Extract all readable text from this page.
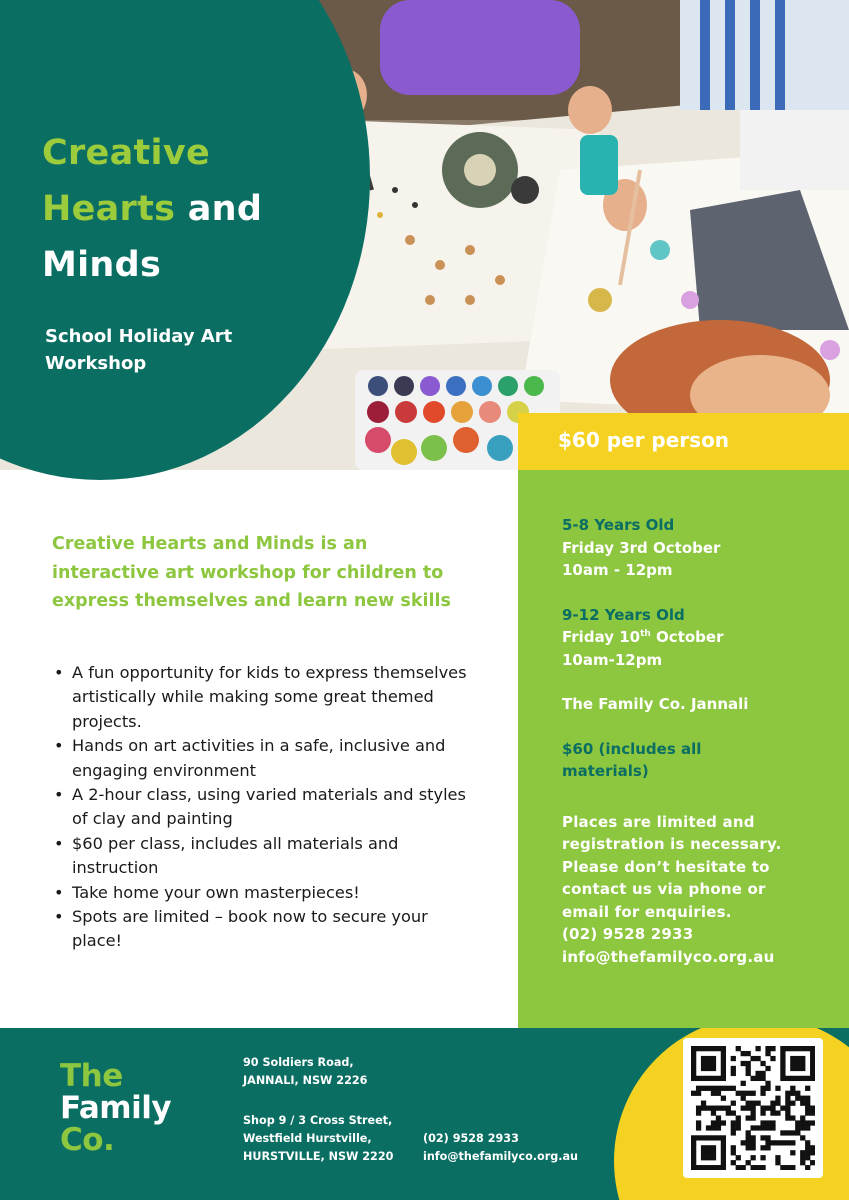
Creative
Hearts and
Minds
School Holiday Art Workshop
$60 per person
5-8 Years Old
Friday 3rd October
10am - 12pm
9-12 Years Old
Friday 10th October
10am-12pm
The Family Co. Jannali
$60 (includes all materials)
Places are limited and registration is necessary. Please don’t hesitate to contact us via phone or email for enquiries.
(02) 9528 2933
info@thefamilyco.org.au
Creative Hearts and Minds is an interactive art workshop for children to express themselves and learn new skills
• A fun opportunity for kids to express themselves artistically while making some great themed projects.
• Hands on art activities in a safe, inclusive and engaging environment
• A 2-hour class, using varied materials and styles of clay and painting
• $60 per class, includes all materials and instruction
• Take home your own masterpieces!
• Spots are limited – book now to secure your place!
The
Family
Co.
90 Soldiers Road,
JANNALI, NSW 2226
Shop 9 / 3 Cross Street,
Westfield Hurstville,
HURSTVILLE, NSW 2220
(02) 9528 2933
info@thefamilyco.org.au
